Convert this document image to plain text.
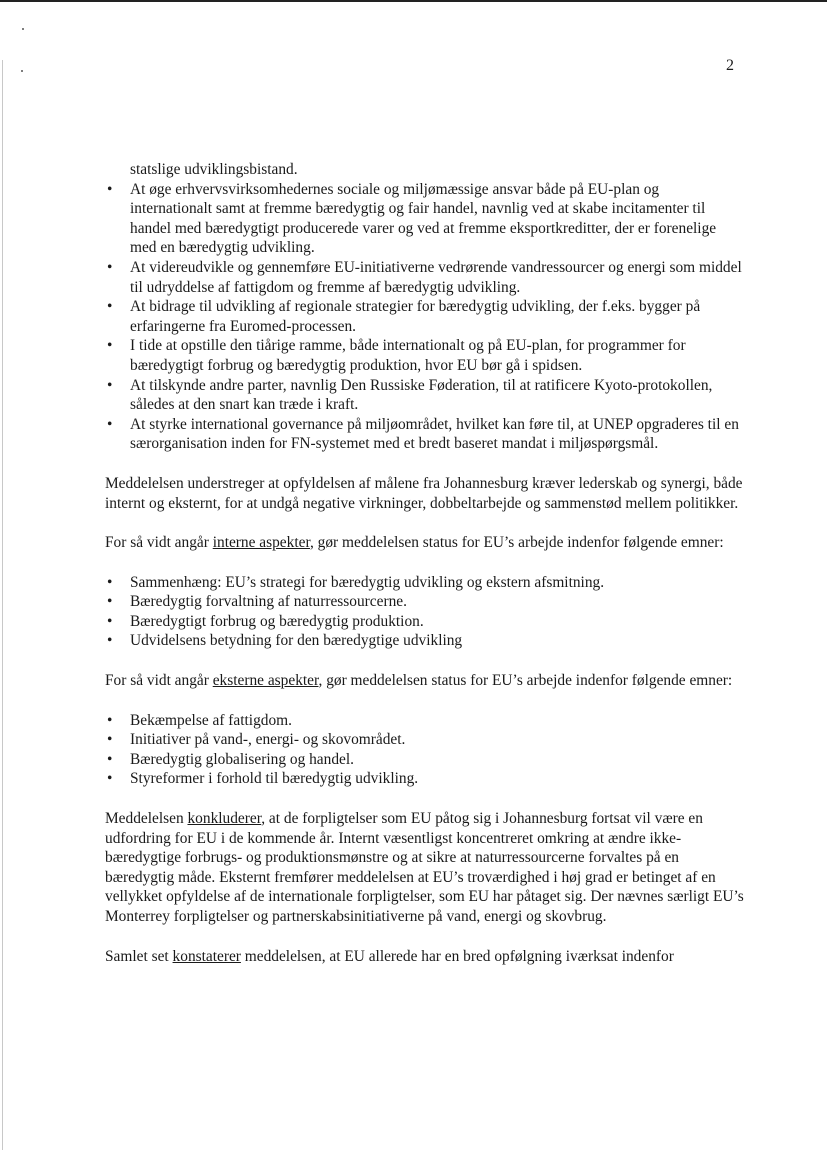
2

statslige udviklingsbistand.

• At øge erhvervsvirksomhedernes sociale og miljømæssige ansvar både på EU-plan og internationalt samt at fremme bæredygtig og fair handel, navnlig ved at skabe incitamenter til handel med bæredygtigt producerede varer og ved at fremme eksportkreditter, der er forenelige med en bæredygtig udvikling.
• At videreudvikle og gennemføre EU-initiativerne vedrørende vandressourcer og energi som middel til udryddelse af fattigdom og fremme af bæredygtig udvikling.
• At bidrage til udvikling af regionale strategier for bæredygtig udvikling, der f.eks. bygger på erfaringerne fra Euromed-processen.
• I tide at opstille den tiårige ramme, både internationalt og på EU-plan, for programmer for bæredygtigt forbrug og bæredygtig produktion, hvor EU bør gå i spidsen.
• At tilskynde andre parter, navnlig Den Russiske Føderation, til at ratificere Kyoto-protokollen, således at den snart kan træde i kraft.
• At styrke international governance på miljøområdet, hvilket kan føre til, at UNEP opgraderes til en særorganisation inden for FN-systemet med et bredt baseret mandat i miljøspørgsmål.

Meddelelsen understreger at opfyldelsen af målene fra Johannesburg kræver lederskab og synergi, både internt og eksternt, for at undgå negative virkninger, dobbeltarbejde og sammenstød mellem politikker.

For så vidt angår interne aspekter, gør meddelelsen status for EU’s arbejde indenfor følgende emner:

• Sammenhæng: EU’s strategi for bæredygtig udvikling og ekstern afsmitning.
• Bæredygtig forvaltning af naturressourcerne.
• Bæredygtigt forbrug og bæredygtig produktion.
• Udvidelsens betydning for den bæredygtige udvikling

For så vidt angår eksterne aspekter, gør meddelelsen status for EU’s arbejde indenfor følgende emner:

• Bekæmpelse af fattigdom.
• Initiativer på vand-, energi- og skovområdet.
• Bæredygtig globalisering og handel.
• Styreformer i forhold til bæredygtig udvikling.

Meddelelsen konkluderer, at de forpligtelser som EU påtog sig i Johannesburg fortsat vil være en udfordring for EU i de kommende år. Internt væsentligst koncentreret omkring at ændre ikke-bæredygtige forbrugs- og produktionsmønstre og at sikre at naturressourcerne forvaltes på en bæredygtig måde. Eksternt fremfører meddelelsen at EU’s troværdighed i høj grad er betinget af en vellykket opfyldelse af de internationale forpligtelser, som EU har påtaget sig. Der nævnes særligt EU’s Monterrey forpligtelser og partnerskabsinitiativerne på vand, energi og skovbrug.

Samlet set konstaterer meddelelsen, at EU allerede har en bred opfølgning iværksat indenfor
